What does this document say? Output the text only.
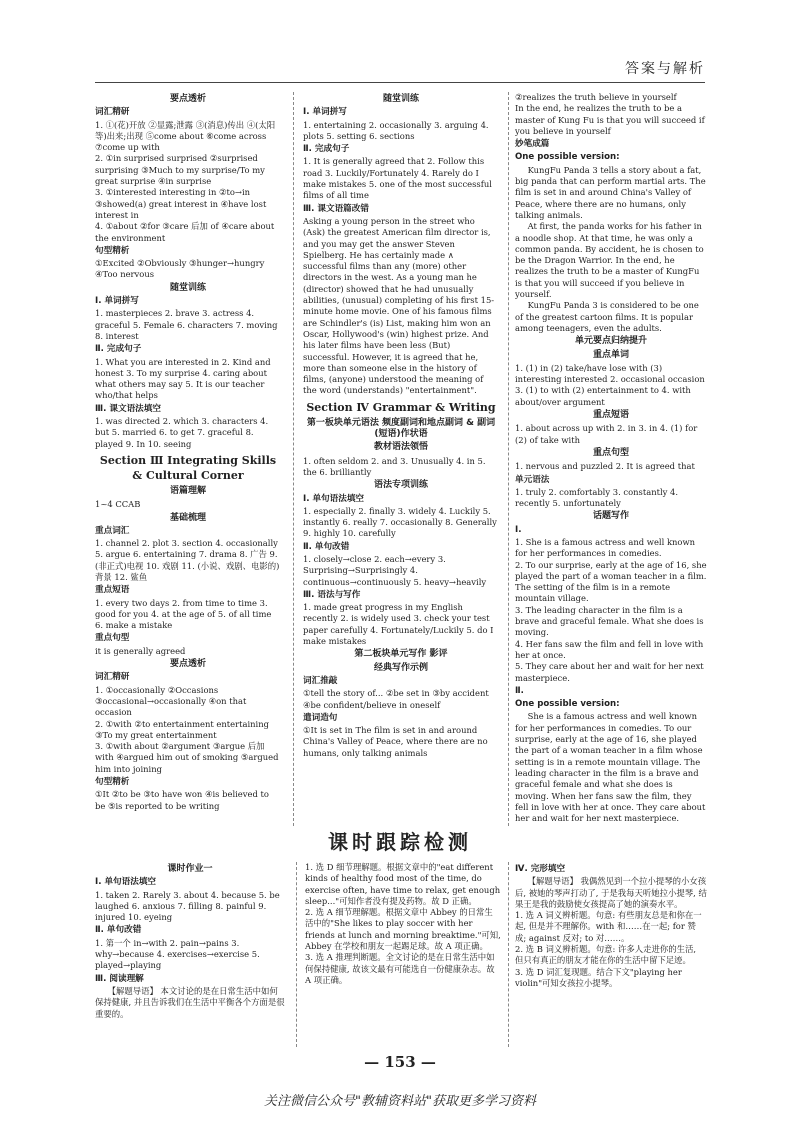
答案与解析
要点透析
词汇精研
1. ①(花)开放 ②显露;泄露 ③(消息)传出 ④(太阳等)出来;出现 ⑤come about ⑥come across ⑦come up with
2. ①in surprised surprised ②surprised surprising ③Much to my surprise/To my great surprise ④in surprise
3. ①interested interesting in ②to→in ③showed(a) great interest in ④have lost interest in
4. ①about ②for ③care 后加 of ④care about the environment
句型精析
①Excited ②Obviously ③hunger→hungry ④Too nervous
随堂训练
Ⅰ. 单词拼写
1. masterpieces 2. brave 3. actress 4. graceful 5. Female 6. characters 7. moving 8. interest
Ⅱ. 完成句子
1. What you are interested in 2. Kind and honest 3. To my surprise 4. caring about what others may say 5. It is our teacher who/that helps
Ⅲ. 课文语法填空
1. was directed 2. which 3. characters 4. but 5. married 6. to get 7. graceful 8. played 9. In 10. seeing
Section Ⅲ Integrating Skills & Cultural Corner
语篇理解
1~4 CCAB
基础梳理
重点词汇
1. channel 2. plot 3. section 4. occasionally 5. argue 6. entertaining 7. drama 8. 广告 9. (非正式)电视 10. 戏剧 11. (小说、戏剧、电影的)背景 12. 鲨鱼
重点短语
1. every two days 2. from time to time 3. good for you 4. at the age of 5. of all time 6. make a mistake
重点句型
it is generally agreed
要点透析
词汇精研
1. ①occasionally ②Occasions ③occasional→occasionally ④on that occasion
2. ①with ②to entertainment entertaining ③To my great entertainment
3. ①with about ②argument ③argue 后加 with ④argued him out of smoking ⑤argued him into joining
句型精析
①It ②to be ③to have won ④is believed to be ⑤is reported to be writing
随堂训练
Ⅰ. 单词拼写
1. entertaining 2. occasionally 3. arguing 4. plots 5. setting 6. sections
Ⅱ. 完成句子
1. It is generally agreed that 2. Follow this road 3. Luckily/Fortunately 4. Rarely do I make mistakes 5. one of the most successful films of all time
Ⅲ. 课文语篇改错
Asking a young person in the street who (Ask) the greatest American film director is, and you may get the answer Steven Spielberg. He has certainly made ∧ successful films than any (more) other directors in the west. As a young man he (director) showed that he had unusually abilities, (unusual) completing of his first 15-minute home movie. One of his famous films are Schindler's (is) List, making him won an Oscar, Hollywood's (win) highest prize. And his later films have been less (But) successful. However, it is agreed that he, more than someone else in the history of films, (anyone) understood the meaning of the word (understands) "entertainment".
Section Ⅳ Grammar & Writing
第一板块单元语法 频度副词和地点副词 & 副词(短语)作状语
教材语法领悟
1. often seldom 2. and 3. Unusually 4. in 5. the 6. brilliantly
语法专项训练
Ⅰ. 单句语法填空
1. especially 2. finally 3. widely 4. Luckily 5. instantly 6. really 7. occasionally 8. Generally 9. highly 10. carefully
Ⅱ. 单句改错
1. closely→close 2. each→every 3. Surprising→Surprisingly 4. continuous→continuously 5. heavy→heavily
Ⅲ. 语法与写作
1. made great progress in my English recently 2. is widely used 3. check your test paper carefully 4. Fortunately/Luckily 5. do I make mistakes
第二板块单元写作 影评
经典写作示例
词汇推敲
①tell the story of... ②be set in ③by accident ④be confident/believe in oneself
遣词造句
①It is set in The film is set in and around China's Valley of Peace, where there are no humans, only talking animals
②realizes the truth believe in yourself
In the end, he realizes the truth to be a master of Kung Fu is that you will succeed if you believe in yourself
妙笔成篇
One possible version:
KungFu Panda 3 tells a story about a fat, big panda that can perform martial arts. The film is set in and around China's Valley of Peace, where there are no humans, only talking animals.
At first, the panda works for his father in a noodle shop. At that time, he was only a common panda. By accident, he is chosen to be the Dragon Warrior. In the end, he realizes the truth to be a master of KungFu is that you will succeed if you believe in yourself.
KungFu Panda 3 is considered to be one of the greatest cartoon films. It is popular among teenagers, even the adults.
单元要点归纳提升
重点单词
1. (1) in (2) take/have lose with (3) interesting interested 2. occasional occasion 3. (1) to with (2) entertainment to 4. with about/over argument
重点短语
1. about across up with 2. in 3. in 4. (1) for (2) of take with
重点句型
1. nervous and puzzled 2. It is agreed that
单元语法
1. truly 2. comfortably 3. constantly 4. recently 5. unfortunately
话题写作
Ⅰ.
1. She is a famous actress and well known for her performances in comedies.
2. To our surprise, early at the age of 16, she played the part of a woman teacher in a film. The setting of the film is in a remote mountain village.
3. The leading character in the film is a brave and graceful female. What she does is moving.
4. Her fans saw the film and fell in love with her at once.
5. They care about her and wait for her next masterpiece.
Ⅱ.
One possible version:
She is a famous actress and well known for her performances in comedies. To our surprise, early at the age of 16, she played the part of a woman teacher in a film whose setting is in a remote mountain village. The leading character in the film is a brave and graceful female and what she does is moving. When her fans saw the film, they fell in love with her at once. They care about her and wait for her next masterpiece.
课时跟踪检测
课时作业一
Ⅰ. 单句语法填空
1. taken 2. Rarely 3. about 4. because 5. be laughed 6. anxious 7. filling 8. painful 9. injured 10. eyeing
Ⅱ. 单句改错
1. 第一个 in→with 2. pain→pains 3. why→because 4. exercises→exercise 5. played→playing
Ⅲ. 阅读理解
【解题导语】 本文讨论的是在日常生活中如何保持健康, 并且告诉我们在生活中平衡各个方面是很重要的。
1. 选 D 细节理解题。根据文章中的"eat different kinds of healthy food most of the time, do exercise often, have time to relax, get enough sleep..."可知作者没有提及药物。故 D 正确。
2. 选 A 细节理解题。根据文章中 Abbey 的日常生活中的"She likes to play soccer with her friends at lunch and morning breaktime."可知, Abbey 在学校和朋友一起踢足球。故 A 项正确。
3. 选 A 推理判断题。全文讨论的是在日常生活中如何保持健康, 故该文最有可能选自一份健康杂志。故 A 项正确。
Ⅳ. 完形填空
【解题导语】 我偶然见到一个拉小提琴的小女孩后, 被她的琴声打动了, 于是我每天听她拉小提琴, 结果王是我的鼓励使女孩提高了她的演奏水平。
1. 选 A 词义辨析题。句意: 有些朋友总是和你在一起, 但是并不理解你。with 和……在一起; for 赞成; against 反对; to 对……。
2. 选 B 词义辨析题。句意: 许多人走进你的生活, 但只有真正的朋友才能在你的生活中留下足迹。
3. 选 D 词汇复现题。结合下文"playing her violin"可知女孩拉小提琴。
— 153 —
关注微信公众号"教辅资料站"获取更多学习资料
